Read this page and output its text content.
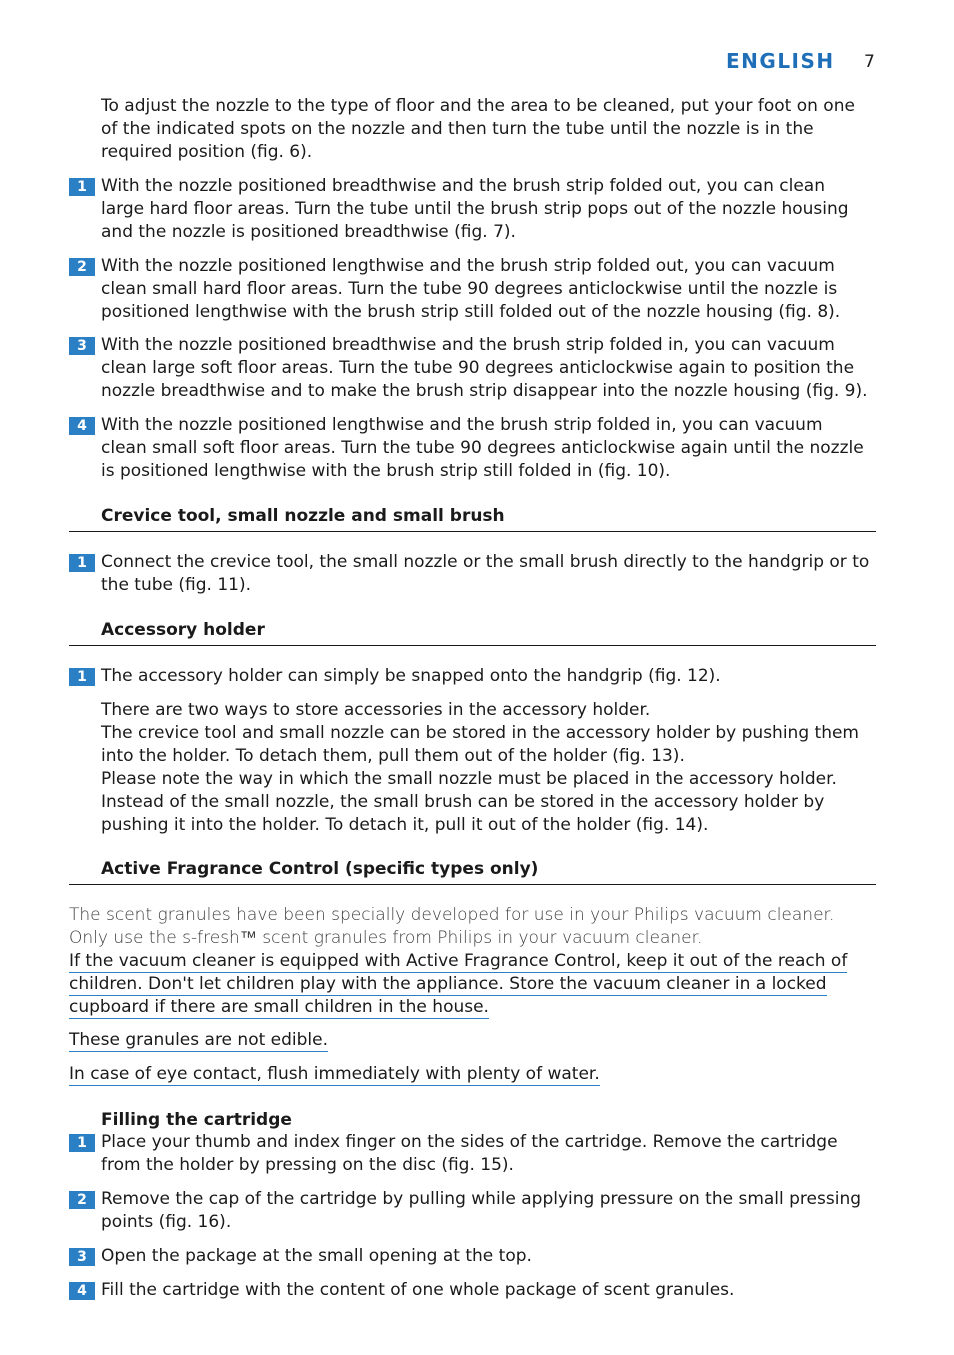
ENGLISH 7
To adjust the nozzle to the type of floor and the area to be cleaned, put your foot on one of the indicated spots on the nozzle and then turn the tube until the nozzle is in the required position (fig. 6).
1 With the nozzle positioned breadthwise and the brush strip folded out, you can clean large hard floor areas. Turn the tube until the brush strip pops out of the nozzle housing and the nozzle is positioned breadthwise (fig. 7).
2 With the nozzle positioned lengthwise and the brush strip folded out, you can vacuum clean small hard floor areas. Turn the tube 90 degrees anticlockwise until the nozzle is positioned lengthwise with the brush strip still folded out of the nozzle housing (fig. 8).
3 With the nozzle positioned breadthwise and the brush strip folded in, you can vacuum clean large soft floor areas. Turn the tube 90 degrees anticlockwise again to position the nozzle breadthwise and to make the brush strip disappear into the nozzle housing (fig. 9).
4 With the nozzle positioned lengthwise and the brush strip folded in, you can vacuum clean small soft floor areas. Turn the tube 90 degrees anticlockwise again until the nozzle is positioned lengthwise with the brush strip still folded in (fig. 10).
Crevice tool, small nozzle and small brush
1 Connect the crevice tool, the small nozzle or the small brush directly to the handgrip or to the tube (fig. 11).
Accessory holder
1 The accessory holder can simply be snapped onto the handgrip (fig. 12).
There are two ways to store accessories in the accessory holder.
The crevice tool and small nozzle can be stored in the accessory holder by pushing them into the holder. To detach them, pull them out of the holder (fig. 13).
Please note the way in which the small nozzle must be placed in the accessory holder.
Instead of the small nozzle, the small brush can be stored in the accessory holder by pushing it into the holder. To detach it, pull it out of the holder (fig. 14).
Active Fragrance Control (specific types only)
The scent granules have been specially developed for use in your Philips vacuum cleaner. Only use the s-fresh™ scent granules from Philips in your vacuum cleaner.
If the vacuum cleaner is equipped with Active Fragrance Control, keep it out of the reach of children. Don't let children play with the appliance. Store the vacuum cleaner in a locked cupboard if there are small children in the house.
These granules are not edible.
In case of eye contact, flush immediately with plenty of water.
Filling the cartridge
1 Place your thumb and index finger on the sides of the cartridge. Remove the cartridge from the holder by pressing on the disc (fig. 15).
2 Remove the cap of the cartridge by pulling while applying pressure on the small pressing points (fig. 16).
3 Open the package at the small opening at the top.
4 Fill the cartridge with the content of one whole package of scent granules.
